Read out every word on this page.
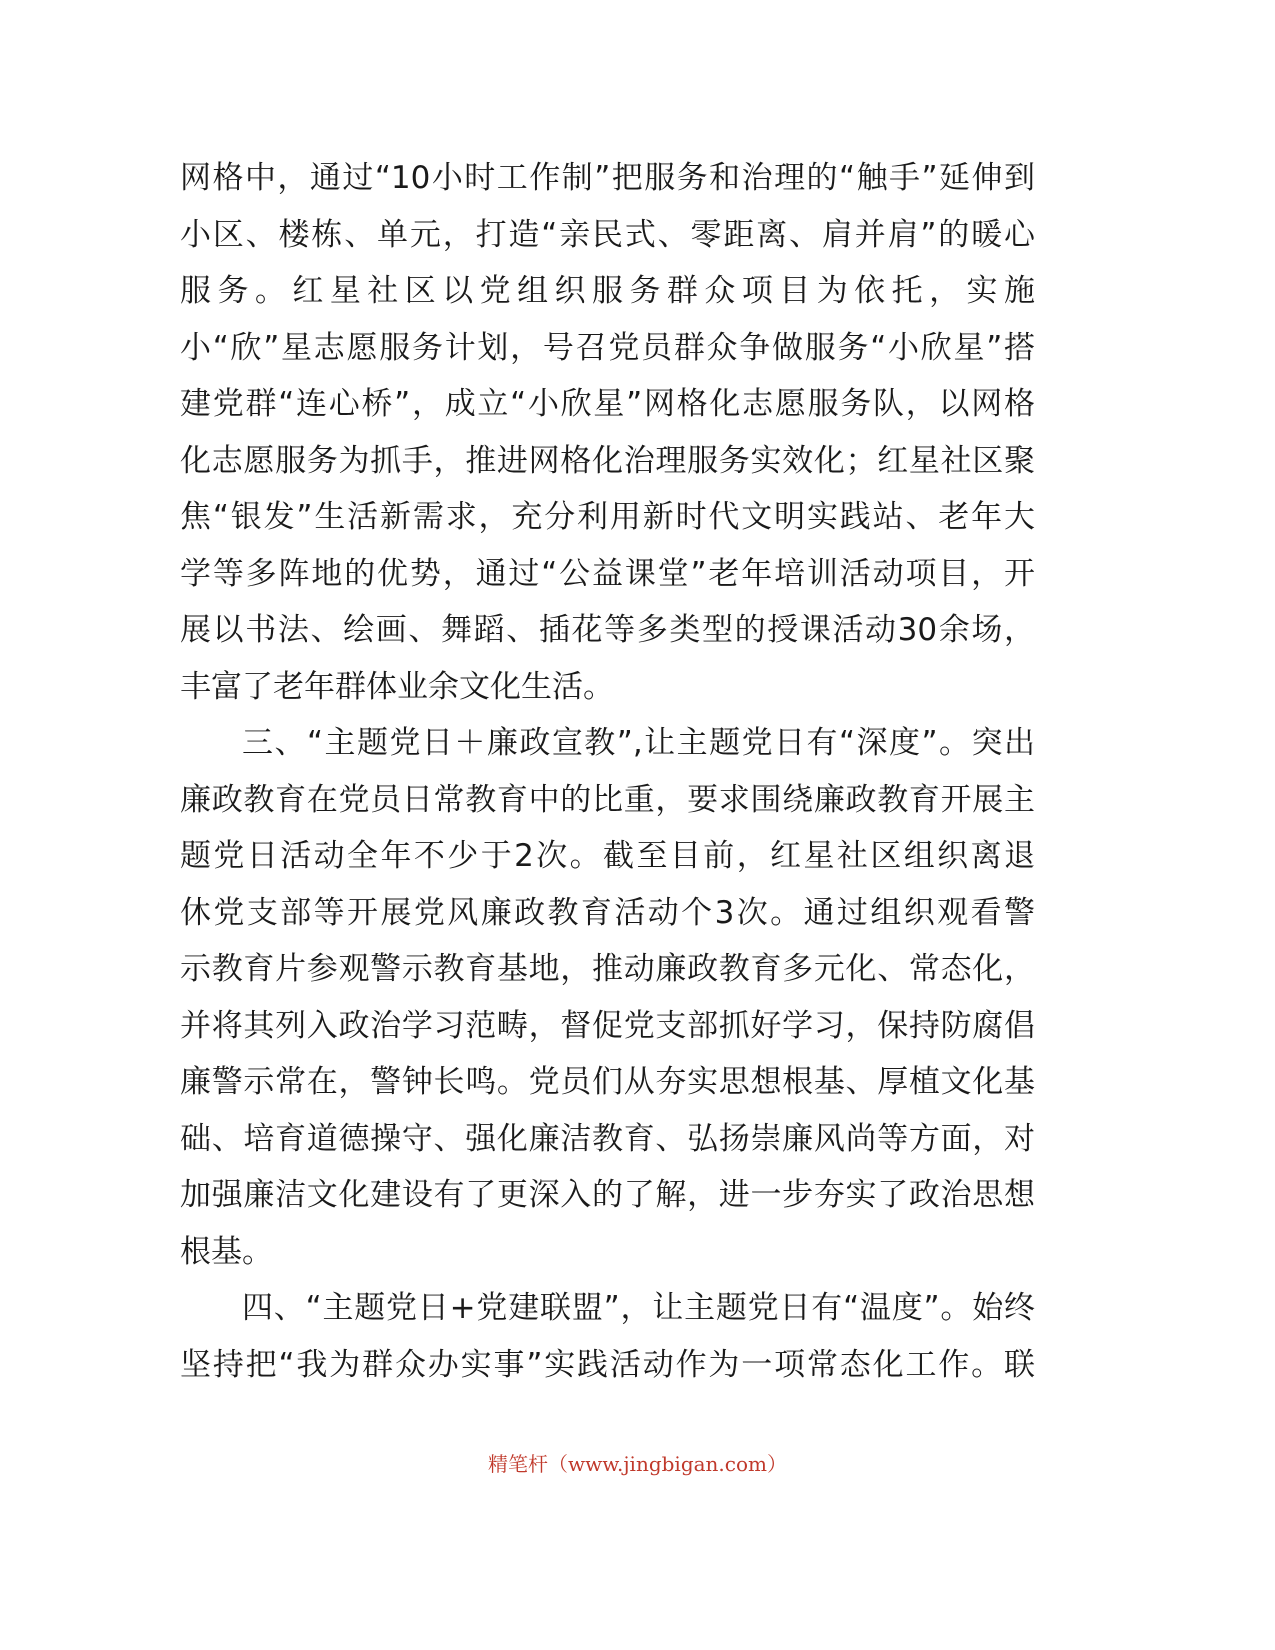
网格中，通过“10小时工作制”把服务和治理的“触手”延伸到
小区、楼栋、单元，打造“亲民式、零距离、肩并肩”的暖心
服务。红星社区以党组织服务群众项目为依托，实施
小“欣”星志愿服务计划，号召党员群众争做服务“小欣星”搭
建党群“连心桥”，成立“小欣星”网格化志愿服务队，以网格
化志愿服务为抓手，推进网格化治理服务实效化；红星社区聚
焦“银发”生活新需求，充分利用新时代文明实践站、老年大
学等多阵地的优势，通过“公益课堂”老年培训活动项目，开
展以书法、绘画、舞蹈、插花等多类型的授课活动30余场，
丰富了老年群体业余文化生活。
三、“主题党日＋廉政宣教”,让主题党日有“深度”。突出
廉政教育在党员日常教育中的比重，要求围绕廉政教育开展主
题党日活动全年不少于2次。截至目前，红星社区组织离退
休党支部等开展党风廉政教育活动个3次。通过组织观看警
示教育片参观警示教育基地，推动廉政教育多元化、常态化，
并将其列入政治学习范畴，督促党支部抓好学习，保持防腐倡
廉警示常在，警钟长鸣。党员们从夯实思想根基、厚植文化基
础、培育道德操守、强化廉洁教育、弘扬崇廉风尚等方面，对
加强廉洁文化建设有了更深入的了解，进一步夯实了政治思想
根基。
四、“主题党日+党建联盟”，让主题党日有“温度”。始终
坚持把“我为群众办实事”实践活动作为一项常态化工作。联
精笔杆（www.jingbigan.com）
